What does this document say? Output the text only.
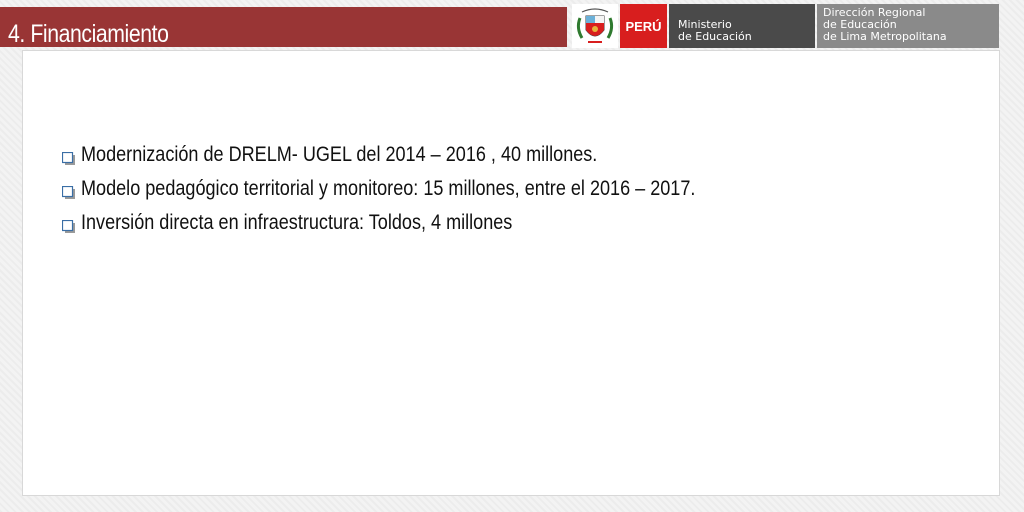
4. Financiamiento	PERÚ Ministerio
de Educación
Dirección Regional
de Educación
de Lima Metropolitana
Modernización de DRELM- UGEL del 2014 – 2016 , 40 millones.
Modelo pedagógico territorial y monitoreo: 15 millones, entre el 2016 – 2017.
Inversión directa en infraestructura: Toldos, 4 millones
